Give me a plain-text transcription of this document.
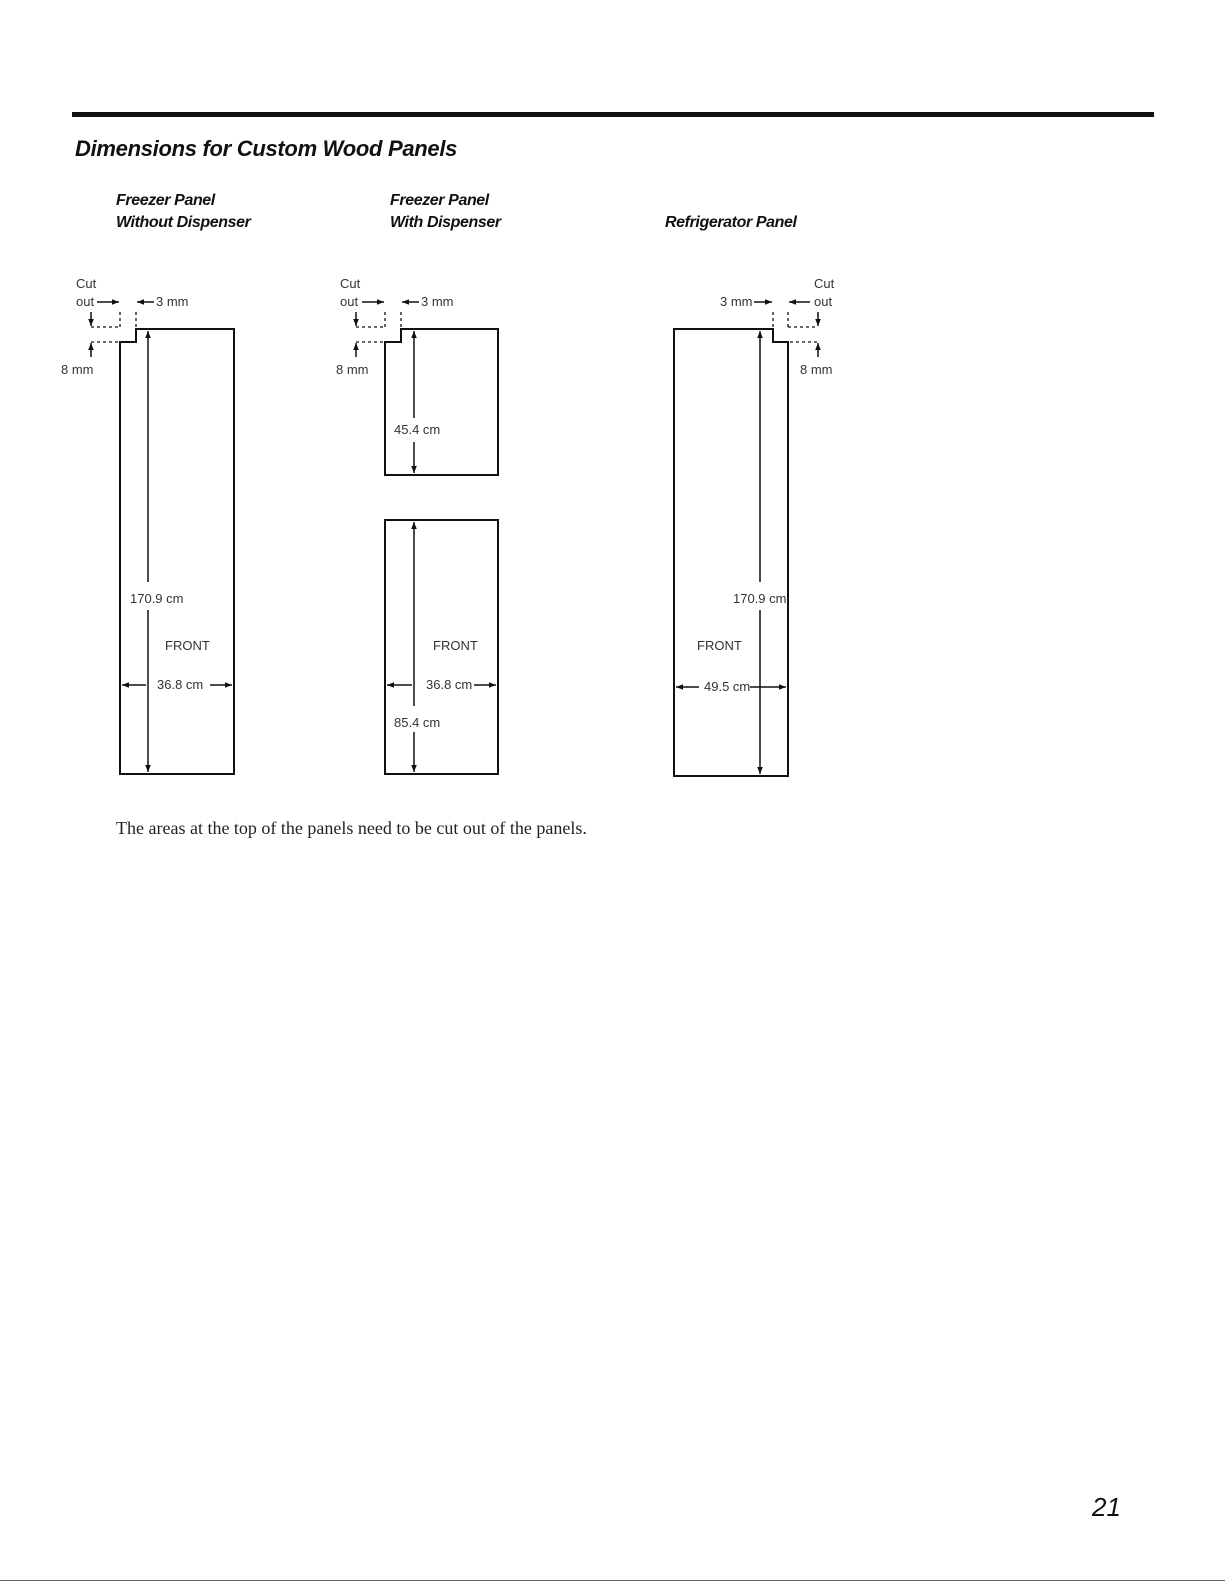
Dimensions for Custom Wood Panels
Freezer Panel
Without Dispenser
Freezer Panel
With Dispenser	Refrigerator Panel
Cut
out	3 mm
8 mm
170.9 cm
FRONT
36.8 cm
Cut
out	3 mm
8 mm
45.4 cm
85.4 cm
FRONT
36.8 cm
Cut
out
3 mm
8 mm
170.9 cm
FRONT
49.5 cm
The areas at the top of the panels need to be cut out of the panels.
21
